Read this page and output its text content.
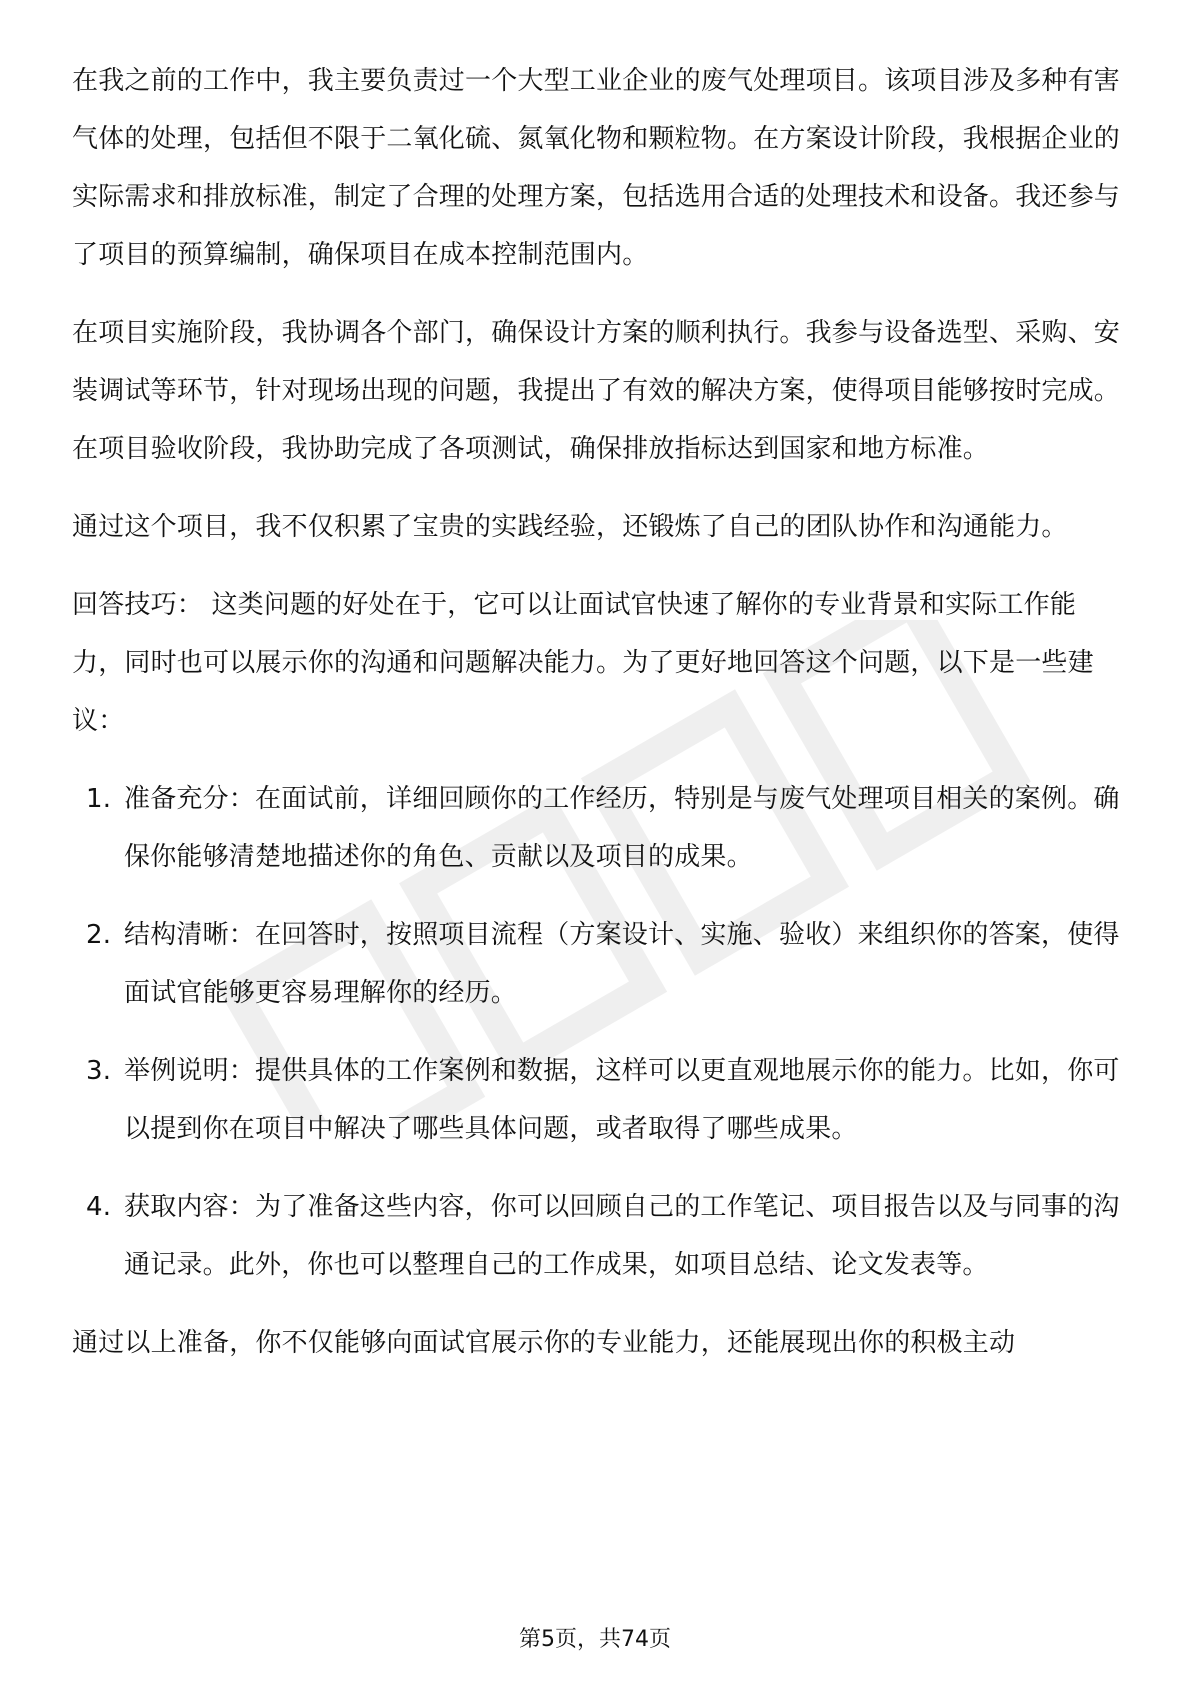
在我之前的工作中，我主要负责过一个大型工业企业的废气处理项目。该项目涉及多种有害气体的处理，包括但不限于二氧化硫、氮氧化物和颗粒物。在方案设计阶段，我根据企业的实际需求和排放标准，制定了合理的处理方案，包括选用合适的处理技术和设备。我还参与了项目的预算编制，确保项目在成本控制范围内。

在项目实施阶段，我协调各个部门，确保设计方案的顺利执行。我参与设备选型、采购、安装调试等环节，针对现场出现的问题，我提出了有效的解决方案，使得项目能够按时完成。在项目验收阶段，我协助完成了各项测试，确保排放指标达到国家和地方标准。

通过这个项目，我不仅积累了宝贵的实践经验，还锻炼了自己的团队协作和沟通能力。

回答技巧： 这类问题的好处在于，它可以让面试官快速了解你的专业背景和实际工作能力，同时也可以展示你的沟通和问题解决能力。为了更好地回答这个问题，以下是一些建议：

1. 准备充分：在面试前，详细回顾你的工作经历，特别是与废气处理项目相关的案例。确保你能够清楚地描述你的角色、贡献以及项目的成果。
2. 结构清晰：在回答时，按照项目流程（方案设计、实施、验收）来组织你的答案，使得面试官能够更容易理解你的经历。
3. 举例说明：提供具体的工作案例和数据，这样可以更直观地展示你的能力。比如，你可以提到你在项目中解决了哪些具体问题，或者取得了哪些成果。
4. 获取内容：为了准备这些内容，你可以回顾自己的工作笔记、项目报告以及与同事的沟通记录。此外，你也可以整理自己的工作成果，如项目总结、论文发表等。

通过以上准备，你不仅能够向面试官展示你的专业能力，还能展现出你的积极主动

第5页，共74页
